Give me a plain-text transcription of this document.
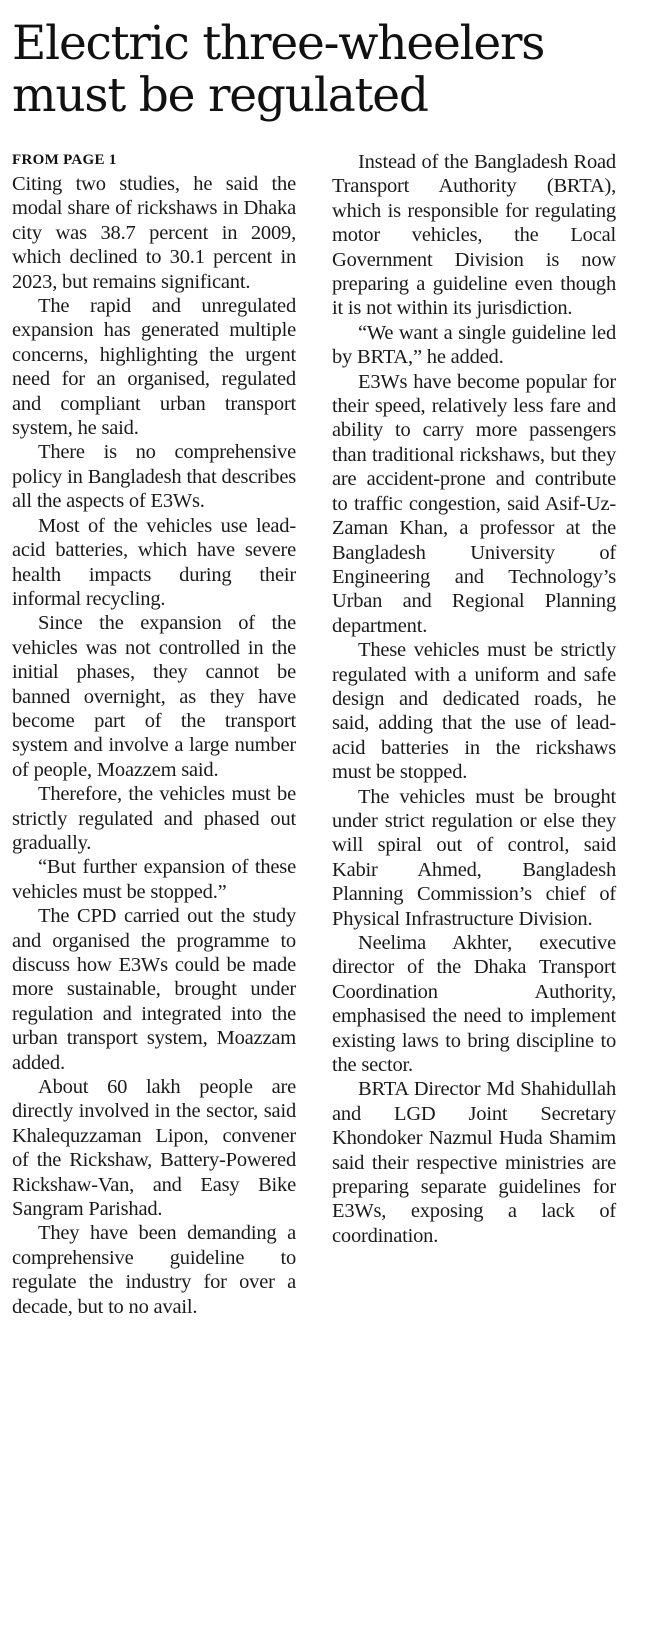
Electric three-wheelers must be regulated
FROM PAGE 1

Citing two studies, he said the modal share of rickshaws in Dhaka city was 38.7 percent in 2009, which declined to 30.1 percent in 2023, but remains significant.

The rapid and unregulated expansion has generated multiple concerns, highlighting the urgent need for an organised, regulated and compliant urban transport system, he said.

There is no comprehensive policy in Bangladesh that describes all the aspects of E3Ws.

Most of the vehicles use lead-acid batteries, which have severe health impacts during their informal recycling.

Since the expansion of the vehicles was not controlled in the initial phases, they cannot be banned overnight, as they have become part of the transport system and involve a large number of people, Moazzem said.

Therefore, the vehicles must be strictly regulated and phased out gradually.

“But further expansion of these vehicles must be stopped.”

The CPD carried out the study and organised the programme to discuss how E3Ws could be made more sustainable, brought under regulation and integrated into the urban transport system, Moazzam added.

About 60 lakh people are directly involved in the sector, said Khalequzzaman Lipon, convener of the Rickshaw, Battery-Powered Rickshaw-Van, and Easy Bike Sangram Parishad.

They have been demanding a comprehensive guideline to regulate the industry for over a decade, but to no avail.

Instead of the Bangladesh Road Transport Authority (BRTA), which is responsible for regulating motor vehicles, the Local Government Division is now preparing a guideline even though it is not within its jurisdiction.

“We want a single guideline led by BRTA,” he added.

E3Ws have become popular for their speed, relatively less fare and ability to carry more passengers than traditional rickshaws, but they are accident-prone and contribute to traffic congestion, said Asif-Uz-Zaman Khan, a professor at the Bangladesh University of Engineering and Technology’s Urban and Regional Planning department.

These vehicles must be strictly regulated with a uniform and safe design and dedicated roads, he said, adding that the use of lead-acid batteries in the rickshaws must be stopped.

The vehicles must be brought under strict regulation or else they will spiral out of control, said Kabir Ahmed, Bangladesh Planning Commission’s chief of Physical Infrastructure Division.

Neelima Akhter, executive director of the Dhaka Transport Coordination Authority, emphasised the need to implement existing laws to bring discipline to the sector.

BRTA Director Md Shahidullah and LGD Joint Secretary Khondoker Nazmul Huda Shamim said their respective ministries are preparing separate guidelines for E3Ws, exposing a lack of coordination.
